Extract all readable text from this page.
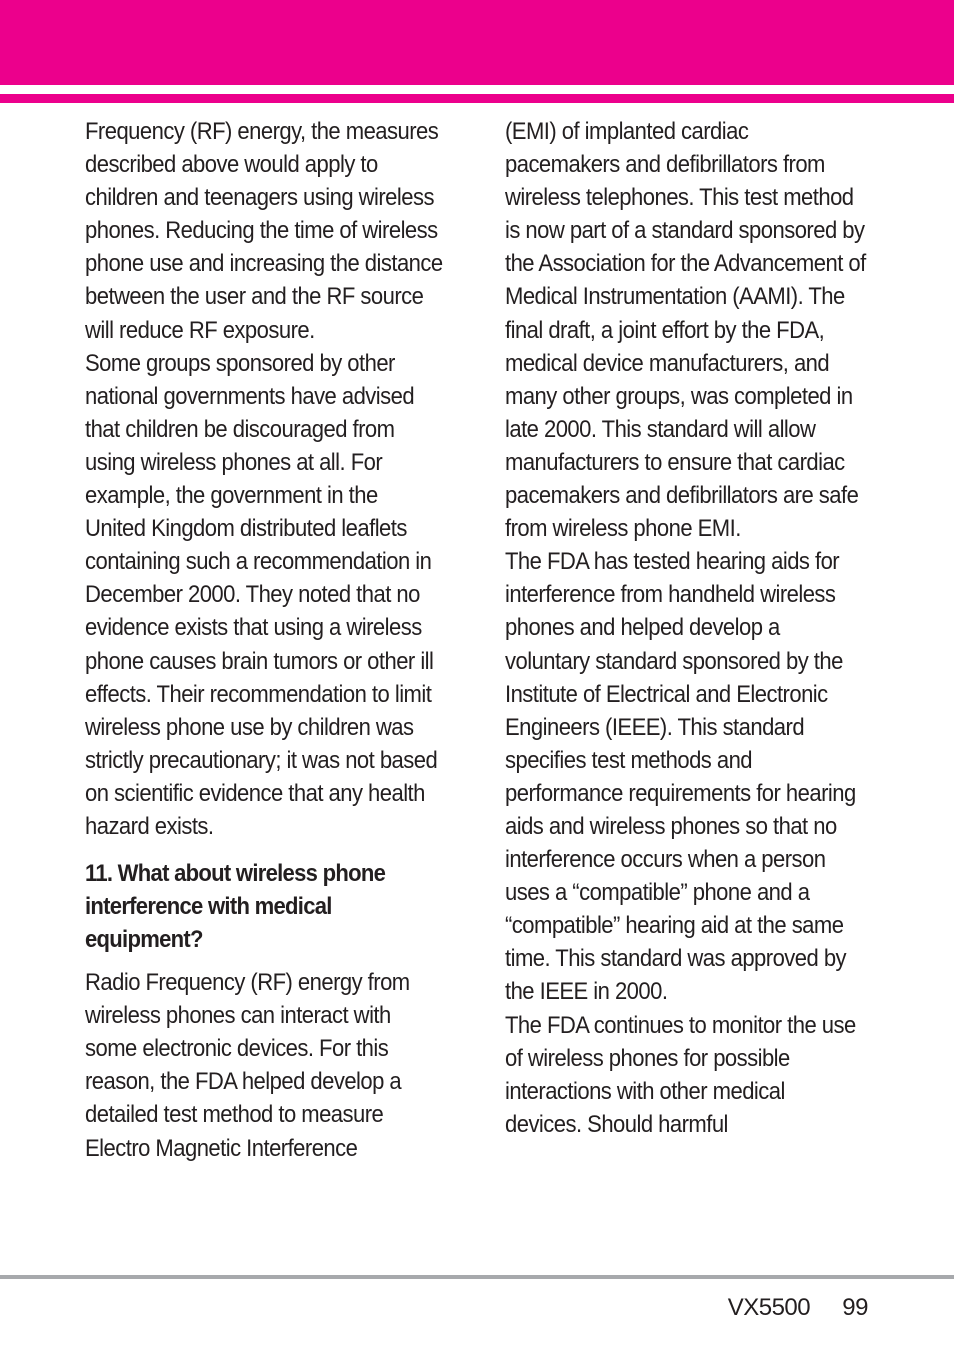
Frequency (RF) energy, the measures described above would apply to children and teenagers using wireless phones. Reducing the time of wireless phone use and increasing the distance between the user and the RF source will reduce RF exposure.

Some groups sponsored by other national governments have advised that children be discouraged from using wireless phones at all. For example, the government in the United Kingdom distributed leaflets containing such a recommendation in December 2000. They noted that no evidence exists that using a wireless phone causes brain tumors or other ill effects. Their recommendation to limit wireless phone use by children was strictly precautionary; it was not based on scientific evidence that any health hazard exists.

11. What about wireless phone interference with medical equipment?

Radio Frequency (RF) energy from wireless phones can interact with some electronic devices. For this reason, the FDA helped develop a detailed test method to measure Electro Magnetic Interference

(EMI) of implanted cardiac pacemakers and defibrillators from wireless telephones. This test method is now part of a standard sponsored by the Association for the Advancement of Medical Instrumentation (AAMI). The final draft, a joint effort by the FDA, medical device manufacturers, and many other groups, was completed in late 2000. This standard will allow manufacturers to ensure that cardiac pacemakers and defibrillators are safe from wireless phone EMI.

The FDA has tested hearing aids for interference from handheld wireless phones and helped develop a voluntary standard sponsored by the Institute of Electrical and Electronic Engineers (IEEE). This standard specifies test methods and performance requirements for hearing aids and wireless phones so that no interference occurs when a person uses a “compatible” phone and a “compatible” hearing aid at the same time. This standard was approved by the IEEE in 2000.

The FDA continues to monitor the use of wireless phones for possible interactions with other medical devices. Should harmful

VX5500 99
